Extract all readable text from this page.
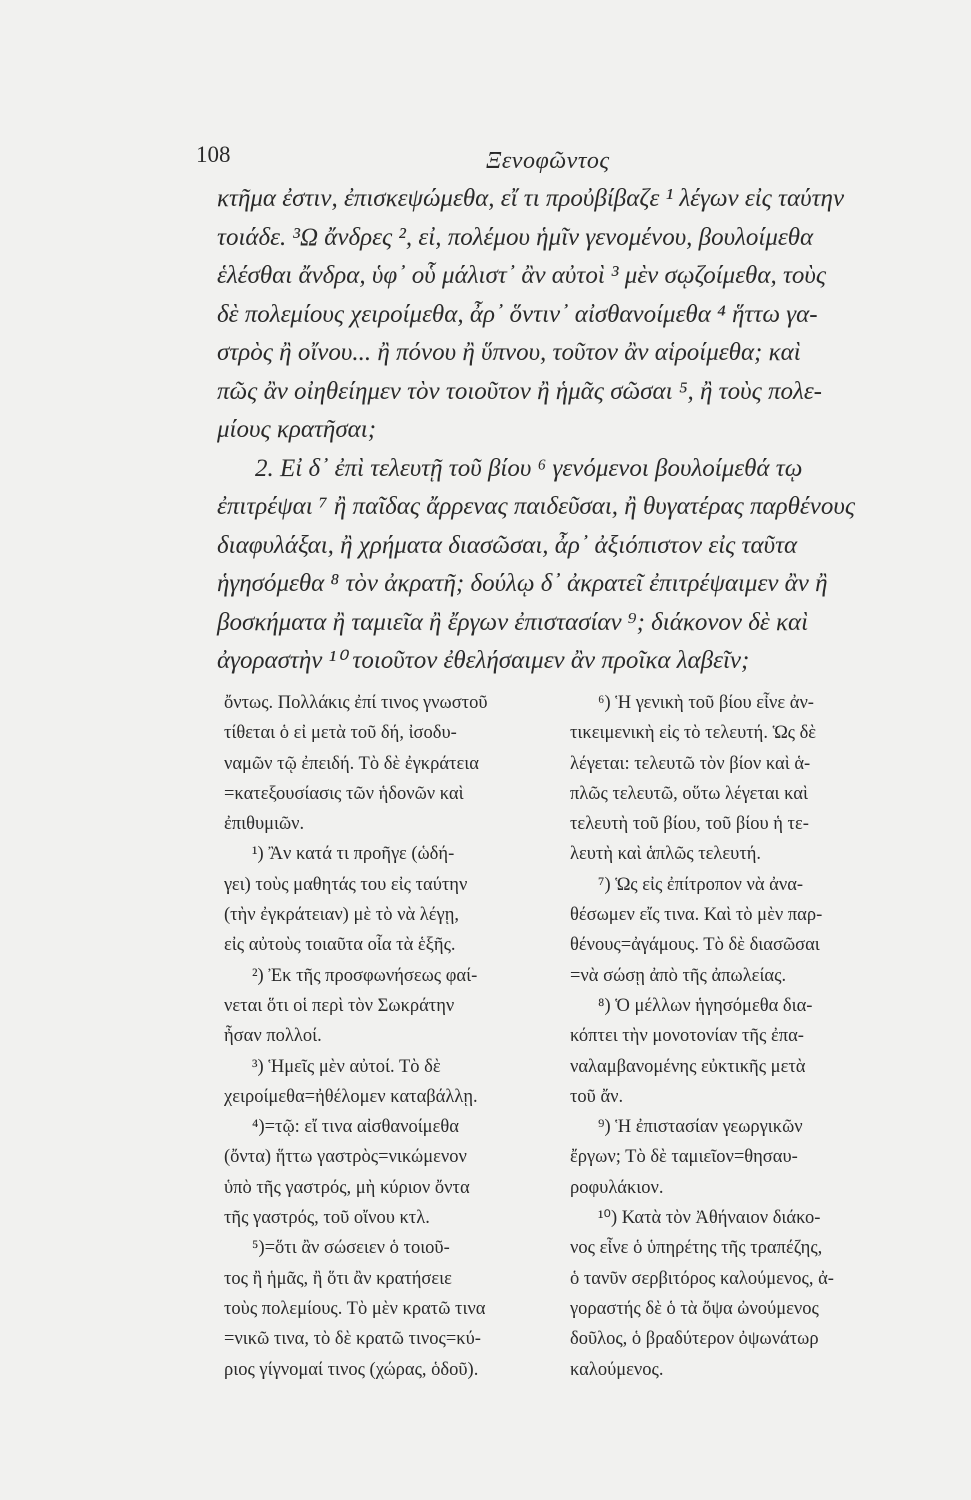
108	Ξενοφῶντος
κτῆμα ἐστιν, ἐπισκεψώμεθα, εἴ τι προὐβίβαζε ¹ λέγων εἰς ταύτην
τοιάδε. ³Ω ἄνδρες ², εἰ, πολέμου ἡμῖν γενομένου, βουλοίμεθα
ἑλέσθαι ἄνδρα, ὑφ᾽ οὗ μάλιστ᾽ ἂν αὐτοὶ ³ μὲν σῳζοίμεθα, τοὺς
δὲ πολεμίους χειροίμεθα, ἆρ᾽ ὅντιν᾽ αἰσθανοίμεθα ⁴ ἥττω γα-
στρὸς ἢ οἴνου... ἢ πόνου ἢ ὕπνου, τοῦτον ἂν αἱροίμεθα; καὶ
πῶς ἂν οἰηθείημεν τὸν τοιοῦτον ἢ ἡμᾶς σῶσαι ⁵, ἢ τοὺς πολε-
μίους κρατῆσαι;
2. Εἰ δ᾽ ἐπὶ τελευτῇ τοῦ βίου ⁶ γενόμενοι βουλοίμεθά τῳ
ἐπιτρέψαι ⁷ ἢ παῖδας ἄρρενας παιδεῦσαι, ἢ θυγατέρας παρθένους
διαφυλάξαι, ἢ χρήματα διασῶσαι, ἆρ᾽ ἀξιόπιστον εἰς ταῦτα
ἡγησόμεθα ⁸ τὸν ἀκρατῆ; δούλῳ δ᾽ ἀκρατεῖ ἐπιτρέψαιμεν ἂν ἢ
βοσκήματα ἢ ταμιεῖα ἢ ἔργων ἐπιστασίαν ⁹; διάκονον δὲ καὶ
ἀγοραστὴν ¹⁰ τοιοῦτον ἐθελήσαιμεν ἂν προῖκα λαβεῖν;
ὄντως. Πολλάκις ἐπί τινος γνωστοῦ
τίθεται ὁ εἰ μετὰ τοῦ δή, ἰσοδυ-
ναμῶν τῷ ἐπειδή. Τὸ δὲ ἐγκράτεια
=κατεξουσίασις τῶν ἡδονῶν καὶ
ἐπιθυμιῶν.
¹) Ἂν κατά τι προῆγε (ὡδή-
γει) τοὺς μαθητάς του εἰς ταύτην
(τὴν ἐγκράτειαν) μὲ τὸ νὰ λέγῃ,
εἰς αὐτοὺς τοιαῦτα οἷα τὰ ἑξῆς.
²) Ἐκ τῆς προσφωνήσεως φαί-
νεται ὅτι οἱ περὶ τὸν Σωκράτην
ἦσαν πολλοί.
³) Ἡμεῖς μὲν αὐτοί. Τὸ δὲ
χειροίμεθα=ἠθέλομεν καταβάλλῃ.
⁴)=τῷ: εἴ τινα αἰσθανοίμεθα
(ὄντα) ἥττω γαστρὸς=νικώμενον
ὑπὸ τῆς γαστρός, μὴ κύριον ὄντα
τῆς γαστρός, τοῦ οἴνου κτλ.
⁵)=ὅτι ἂν σώσειεν ὁ τοιοῦ-
τος ἢ ἡμᾶς, ἢ ὅτι ἂν κρατήσειε
τοὺς πολεμίους. Τὸ μὲν κρατῶ τινα
=νικῶ τινα, τὸ δὲ κρατῶ τινος=κύ-
ριος γίγνομαί τινος (χώρας, ὁδοῦ).
⁶) Ἡ γενικὴ τοῦ βίου εἶνε ἀν-
τικειμενικὴ εἰς τὸ τελευτή. Ὡς δὲ
λέγεται: τελευτῶ τὸν βίον καὶ ἁ-
πλῶς τελευτῶ, οὕτω λέγεται καὶ
τελευτὴ τοῦ βίου, τοῦ βίου ἡ τε-
λευτὴ καὶ ἁπλῶς τελευτή.
⁷) Ὡς εἰς ἐπίτροπον νὰ ἀνα-
θέσωμεν εἴς τινα. Καὶ τὸ μὲν παρ-
θένους=ἀγάμους. Τὸ δὲ διασῶσαι
=νὰ σώσῃ ἀπὸ τῆς ἀπωλείας.
⁸) Ὁ μέλλων ἡγησόμεθα δια-
κόπτει τὴν μονοτονίαν τῆς ἐπα-
ναλαμβανομένης εὐκτικῆς μετὰ
τοῦ ἄν.
⁹) Ἡ ἐπιστασίαν γεωργικῶν
ἔργων; Τὸ δὲ ταμιεῖον=θησαυ-
ροφυλάκιον.
¹⁰) Κατὰ τὸν Ἀθήναιον διάκο-
νος εἶνε ὁ ὑπηρέτης τῆς τραπέζης,
ὁ τανῦν σερβιτόρος καλούμενος, ἀ-
γοραστής δὲ ὁ τὰ ὄψα ὠνούμενος
δοῦλος, ὁ βραδύτερον ὀψωνάτωρ
καλούμενος.
